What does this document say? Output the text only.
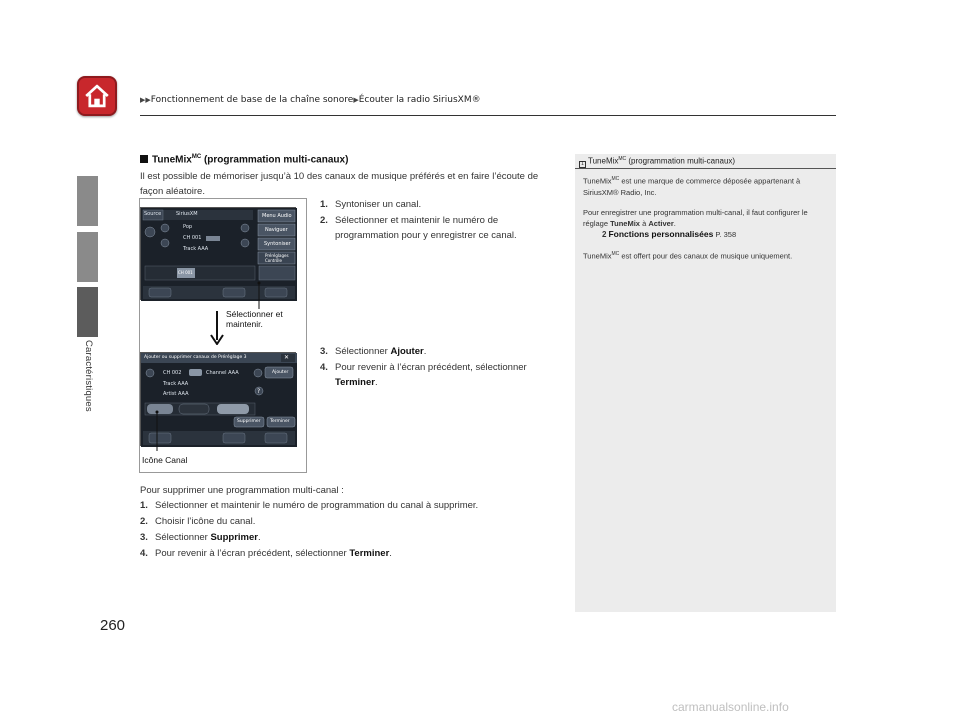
▶▶Fonctionnement de base de la chaîne sonore▶Écouter la radio SiriusXM®
Caractéristiques
TuneMix$^{MC}$ (programmation multi-canaux)
Il est possible de mémoriser jusqu’à 10 des canaux de musique préférés et en faire l’écoute de façon aléatoire.
Source	SiriusXM	Menu Audio
Naviguer
Syntoniser
Préréglages Contrôle
Pop
CH 001
Track AAA
CH 001
Ajouter ou supprimer canaux de Préréglage 3	✕
CH 002	Channel AAA
Track AAA
Artist AAA
Ajouter
?
Supprimer Terminer
Sélectionner et maintenir.
Icône Canal
1. Syntoniser un canal.
2. Sélectionner et maintenir le numéro de programmation pour y enregistrer ce canal.
3. Sélectionner Ajouter.
4. Pour revenir à l’écran précédent, sélectionner Terminer.
Pour supprimer une programmation multi-canal :
1. Sélectionner et maintenir le numéro de programmation du canal à supprimer.
2. Choisir l’icône du canal.
3. Sélectionner Supprimer.
4. Pour revenir à l’écran précédent, sélectionner Terminer.
1 TuneMix$^{MC}$ (programmation multi-canaux)

TuneMix$^{MC}$ est une marque de commerce déposée appartenant à SiriusXM® Radio, Inc.

Pour enregistrer une programmation multi-canal, il faut configurer le réglage TuneMix à Activer.
2 Fonctions personnalisées P. 358

TuneMix$^{MC}$ est offert pour des canaux de musique uniquement.

260
carmanualsonline.info
